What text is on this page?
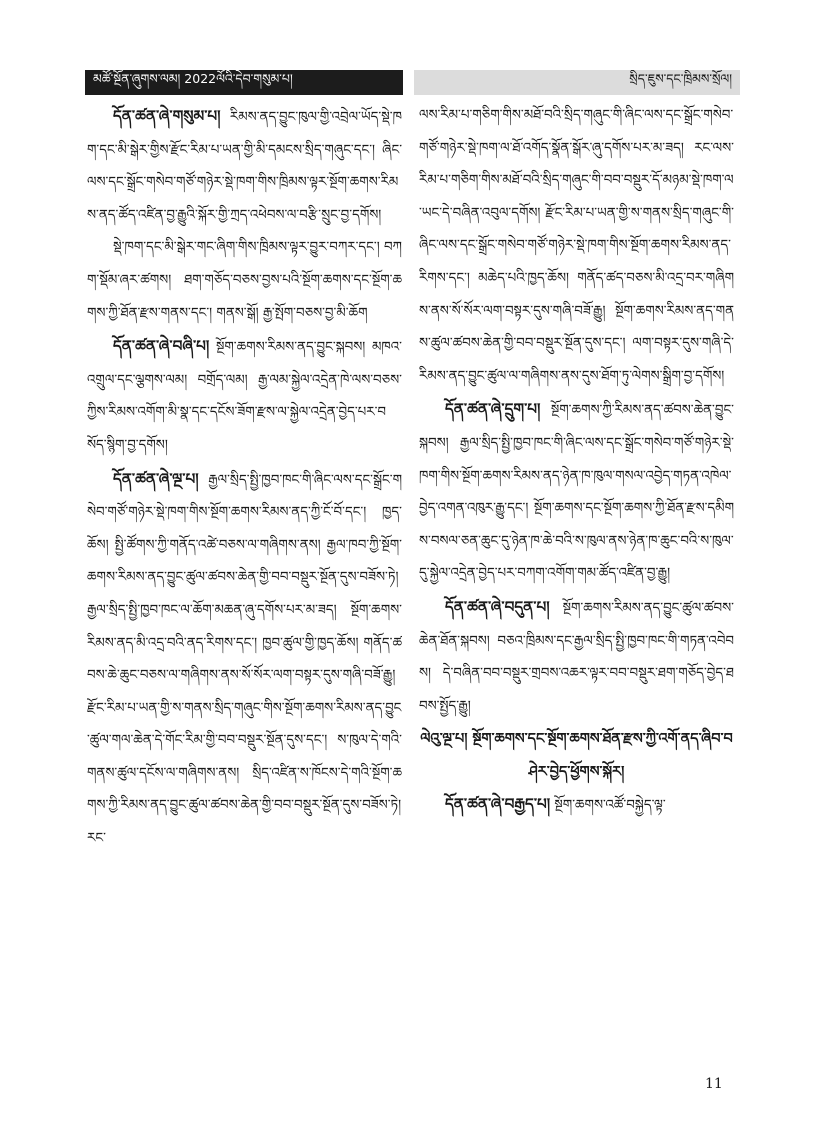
མཚོ་སྔོན་ཞུགས་ལམ། 2022ལོའི་དེབ་གསུམ་པ།	སྲིད་ཇུས་དང་ཁྲིམས་སྲོལ།

དོན་ཚན་ཞེ་གསུམ་པ། རིམས་ནད་བྱུང་ཁུལ་གྱི་འབྲེལ་ཡོད་སྡེ་ཁག་དང་མི་སྒེར་གྱིས་རྫོང་རིམ་པ་ཡན་གྱི་མི་དམངས་སྲིད་གཞུང་དང་། ཞིང་ལས་དང་སྒྲོང་གསེབ་གཙོ་གཉེར་སྡེ་ཁག་གིས་ཁྲིམས་ལྟར་སྔོག་ཆགས་རིམས་ནད་ཚོད་འཛིན་བྱ་རྒྱུའི་སྐོར་གྱི་ཀྲད་འཕེབས་ལ་བརྩི་སྲུང་བྱ་དགོས།

སྡེ་ཁག་དང་མི་སྒེར་གང་ཞིག་གིས་ཁྲིམས་ལྟར་བྱུར་བཀར་དང་། བཀག་སྡོམ་ཞར་ཚགས། ཐག་གཅོད་བཅས་བྱས་པའི་སྔོག་ཆགས་དང་སྔོག་ཆགས་ཀྱི་ཐོན་རྫས་གནས་དང་། གནས་སྒོ། རྒྱ་སྤོག་བཅས་བྱ་མི་ཆོག

དོན་ཚན་ཞེ་བཞི་པ། སྔོག་ཆགས་རིམས་ནད་བྱུང་སྐབས། མཁའ་འགྲུལ་དང་ལྕགས་ལམ། བགྲོད་ལམ། རྒྱ་ལམ་སྐྱེལ་འདྲེན་ཁེ་ལས་བཅས་ཀྱིས་རིམས་འགོག་མི་སྣ་དང་དངོས་ཟོག་རྫས་ལ་སྐྱེལ་འདྲེན་བྱེད་པར་བསོད་སྙིག་བྱ་དགོས།

དོན་ཚན་ཞེ་ལྔ་པ། རྒྱལ་སྲིད་སྤྱི་ཁྱབ་ཁང་གི་ཞིང་ལས་དང་སྒྲོང་གསེབ་གཙོ་གཉེར་སྡེ་ཁག་གིས་སྔོག་ཆགས་རིམས་ནད་ཀྱི་ངོ་བོ་དང་། ཁྱད་ཆོས། སྤྱི་ཚོགས་ཀྱི་གནོད་འཚེ་བཅས་ལ་གཞིགས་ནས། རྒྱལ་ཁབ་ཀྱི་སྔོག་ཆགས་རིམས་ནད་བྱུང་ཚུལ་ཚབས་ཆེན་གྱི་བབ་བསྡུར་སྔོན་དུས་བཟོས་ཏེ། རྒྱལ་སྲིད་སྤྱི་ཁྱབ་ཁང་ལ་ཆོག་མཆན་ཞུ་དགོས་པར་མ་ཟད། སྔོག་ཆགས་རིམས་ནད་མི་འདྲ་བའི་ནད་རིགས་དང་། ཁྱབ་ཚུལ་གྱི་ཁྱད་ཆོས། གནོད་ཚབས་ཆེ་ཆུང་བཅས་ལ་གཞིགས་ནས་སོ་སོར་ལག་བསྟར་དུས་གཞི་བཟོ་རྒྱུ། རྫོང་རིམ་པ་ཡན་གྱི་ས་གནས་སྲིད་གཞུང་གིས་སྔོག་ཆགས་རིམས་ནད་བྱུང་ཚུལ་གལ་ཆེན་དེ་གོང་རིམ་གྱི་བབ་བསྡུར་སྔོན་དུས་དང་། ས་ཁུལ་དེ་གའི་གནས་ཚུལ་དངོས་ལ་གཞིགས་ནས། སྲིད་འཛིན་ས་ཁོངས་དེ་གའི་སྔོག་ཆགས་ཀྱི་རིམས་ནད་བྱུང་ཚུལ་ཚབས་ཆེན་གྱི་བབ་བསྡུར་སྔོན་དུས་བཟོས་ཏེ། རང་

ལས་རིམ་པ་གཅིག་གིས་མཐོ་བའི་སྲིད་གཞུང་གི་ཞིང་ལས་དང་སྒྲོང་གསེབ་གཙོ་གཉེར་སྡེ་ཁག་ལ་ཐོ་འགོད་སྣོན་སྒོར་ཞུ་དགོས་པར་མ་ཟད། རང་ལས་རིམ་པ་གཅིག་གིས་མཐོ་བའི་སྲིད་གཞུང་གི་བབ་བསྡུར་དོ་མཉམ་སྡེ་ཁག་ལ་ཡང་དེ་བཞིན་འབུལ་དགོས། རྫོང་རིམ་པ་ཡན་གྱི་ས་གནས་སྲིད་གཞུང་གི་ཞིང་ལས་དང་སྒྲོང་གསེབ་གཙོ་གཉེར་སྡེ་ཁག་གིས་སྔོག་ཆགས་རིམས་ནད་རིགས་དང་། མཆེད་པའི་ཁྱད་ཆོས། གནོད་ཚད་བཅས་མི་འདྲ་བར་གཞིགས་ནས་སོ་སོར་ལག་བསྟར་དུས་གཞི་བཟོ་རྒྱུ། སྔོག་ཆགས་རིམས་ནད་གནས་ཚུལ་ཚབས་ཆེན་གྱི་བབ་བསྡུར་སྔོན་དུས་དང་། ལག་བསྟར་དུས་གཞི་དེ་རིམས་ནད་བྱུང་ཚུལ་ལ་གཞིགས་ནས་དུས་ཐོག་ཏུ་ལེགས་སྒྲིག་བྱ་དགོས།

དོན་ཚན་ཞེ་དྲུག་པ། སྔོག་ཆགས་ཀྱི་རིམས་ནད་ཚབས་ཆེན་བྱུང་སྐབས། རྒྱལ་སྲིད་སྤྱི་ཁྱབ་ཁང་གི་ཞིང་ལས་དང་སྒྲོང་གསེབ་གཙོ་གཉེར་སྡེ་ཁག་གིས་སྔོག་ཆགས་རིམས་ནད་ཉེན་ཁ་ཁུལ་གསལ་འབྱེད་གཏན་འཁེལ་བྱེད་འགན་འཁུར་རྒྱུ་དང་། སྔོག་ཆགས་དང་སྔོག་ཆགས་ཀྱི་ཐོན་རྫས་དམིགས་བསལ་ཅན་ཆུང་དུ་ཉེན་ཁ་ཆེ་བའི་ས་ཁུལ་ནས་ཉེན་ཁ་ཆུང་བའི་ས་ཁུལ་དུ་སྐྱེལ་འདྲེན་བྱེད་པར་བཀག་འགོག་གམ་ཚོད་འཛིན་བྱ་རྒྱུ།

དོན་ཚན་ཞེ་བདུན་པ། སྔོག་ཆགས་རིམས་ནད་བྱུང་ཚུལ་ཚབས་ཆེན་ཐོན་སྐབས། བཅའ་ཁྲིམས་དང་རྒྱལ་སྲིད་སྤྱི་ཁྱབ་ཁང་གི་གཏན་འབེབས། དེ་བཞིན་བབ་བསྡུར་གྲབས་འཆར་ལྟར་བབ་བསྡུར་ཐག་གཅོད་བྱེད་ཐབས་སྤྱོད་རྒྱུ།

ལེའུ་ལྔ་པ། སྔོག་ཆགས་དང་སྔོག་ཆགས་ཐོན་རྫས་ཀྱི་འགོ་ནད་ཞིབ་བཤེར་བྱེད་ཕྱོགས་སྐོར།

དོན་ཚན་ཞེ་བརྒྱད་པ། སྔོག་ཆགས་འཚོ་བསྐྱེད་ལྟ་

11
